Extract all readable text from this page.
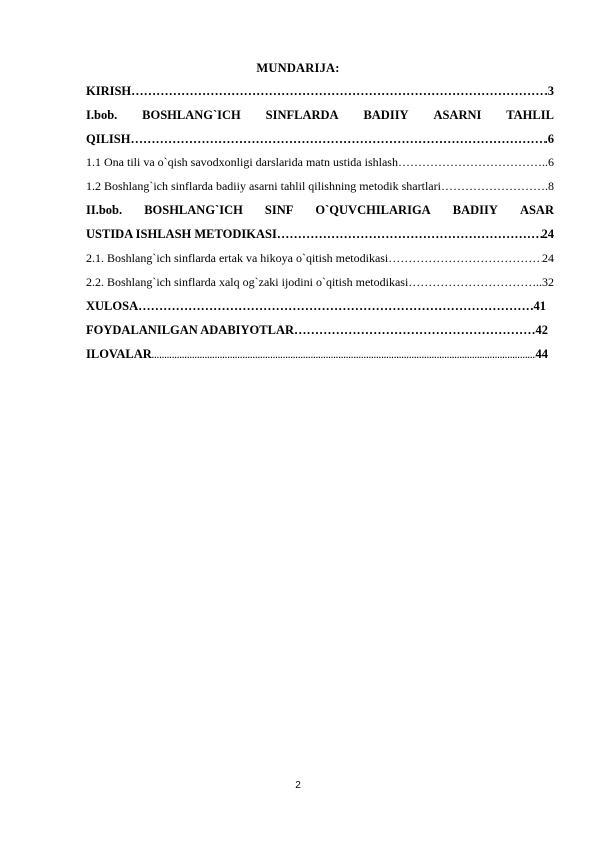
MUNDARIJA:
KIRISH ……………………………………………………………………………………………………………………………………………………………………	.3
I.bob. BOSHLANG`ICH SINFLARDA BADIIY ASARNI TAHLIL
QILISH ……………………………………………………………………………………………………………………………………………………………………	.6
1.1 Ona tili va o`qish savodxonligi darslarida matn ustida ishlash ……………………………………………………………………………………………………………………………………………………………………	..6
1.2 Boshlang`ich sinflarda badiiy asarni tahlil qilishning metodik shartlari ……………………………………………………………………………………………………………………………………………………………………	.8
II.bob. BOSHLANG`ICH SINF O`QUVCHILARIGA BADIIY ASAR
USTIDA ISHLASH METODIKASI ……………………………………………………………………………………………………………………………………………………………………	24
2.1. Boshlang`ich sinflarda ertak va hikoya o`qitish metodikasi ……………………………………………………………………………………………………………………………………………………………………	24
2.2. Boshlang`ich sinflarda xalq og`zaki ijodini o`qitish metodikasi ……………………………………………………………………………………………………………………………………………………………………	..32
XULOSA ……………………………………………………………………………………………………………………………………………………………………	41
FOYDALANILGAN ADABIYOTLAR ……………………………………………………………………………………………………………………………………………………………………	42
ILOVALAR .....	44
2
